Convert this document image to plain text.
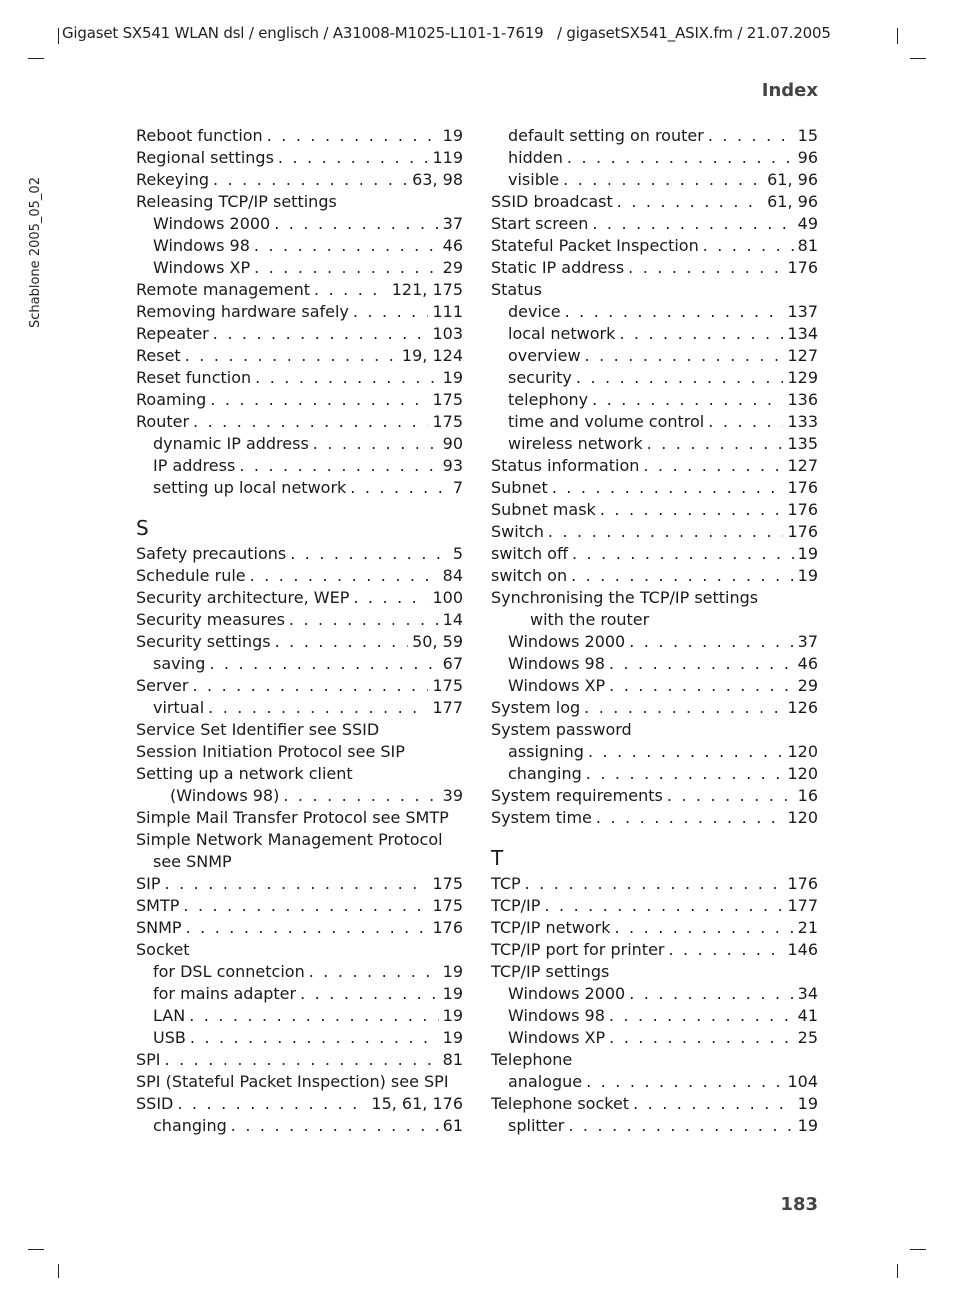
Gigaset SX541 WLAN dsl / englisch / A31008-M1025-L101-1-7619 / gigasetSX541_ASIX.fm / 21.07.2005
Schablone 2005_05_02
Index
Reboot function . . .	19
Regional settings . . .	119
Rekeying . . .	63, 98
Releasing TCP/IP settings
Windows 2000 . . .	37
Windows 98 . . .	46
Windows XP . . .	29
Remote management . . .	121, 175
Removing hardware safely . . .	111
Repeater . . .	103
Reset . . .	19, 124
Reset function . . .	19
Roaming . . .	175
Router . . .	175
dynamic IP address . . .	90
IP address . . .	93
setting up local network . . .	7
S
Safety precautions . . .	5
Schedule rule . . .	84
Security architecture, WEP . . .	100
Security measures . . .	14
Security settings . . .	50, 59
saving . . .	67
Server . . .	175
virtual . . .	177
Service Set Identifier see SSID
Session Initiation Protocol see SIP
Setting up a network client
(Windows 98) . . .	39
Simple Mail Transfer Protocol see SMTP
Simple Network Management Protocol
see SNMP
SIP . . .	175
SMTP . . .	175
SNMP . . .	176
Socket
for DSL connetcion . . .	19
for mains adapter . . .	19
LAN . . .	19
USB . . .	19
SPI . . .	81
SPI (Stateful Packet Inspection) see SPI
SSID . . .	15, 61, 176
changing . . .	61
default setting on router . . .	15
hidden . . .	96
visible . . .	61, 96
SSID broadcast . . .	61, 96
Start screen . . .	49
Stateful Packet Inspection . . .	81
Static IP address . . .	176
Status
device . . .	137
local network . . .	134
overview . . .	127
security . . .	129
telephony . . .	136
time and volume control . . .	133
wireless network . . .	135
Status information . . .	127
Subnet . . .	176
Subnet mask . . .	176
Switch . . .	176
switch off . . .	19
switch on . . .	19
Synchronising the TCP/IP settings
with the router
Windows 2000 . . .	37
Windows 98 . . .	46
Windows XP . . .	29
System log . . .	126
System password
assigning . . .	120
changing . . .	120
System requirements . . .	16
System time . . .	120
T
TCP . . .	176
TCP/IP . . .	177
TCP/IP network . . .	21
TCP/IP port for printer . . .	146
TCP/IP settings
Windows 2000 . . .	34
Windows 98 . . .	41
Windows XP . . .	25
Telephone
analogue . . .	104
Telephone socket . . .	19
splitter . . .	19
183
